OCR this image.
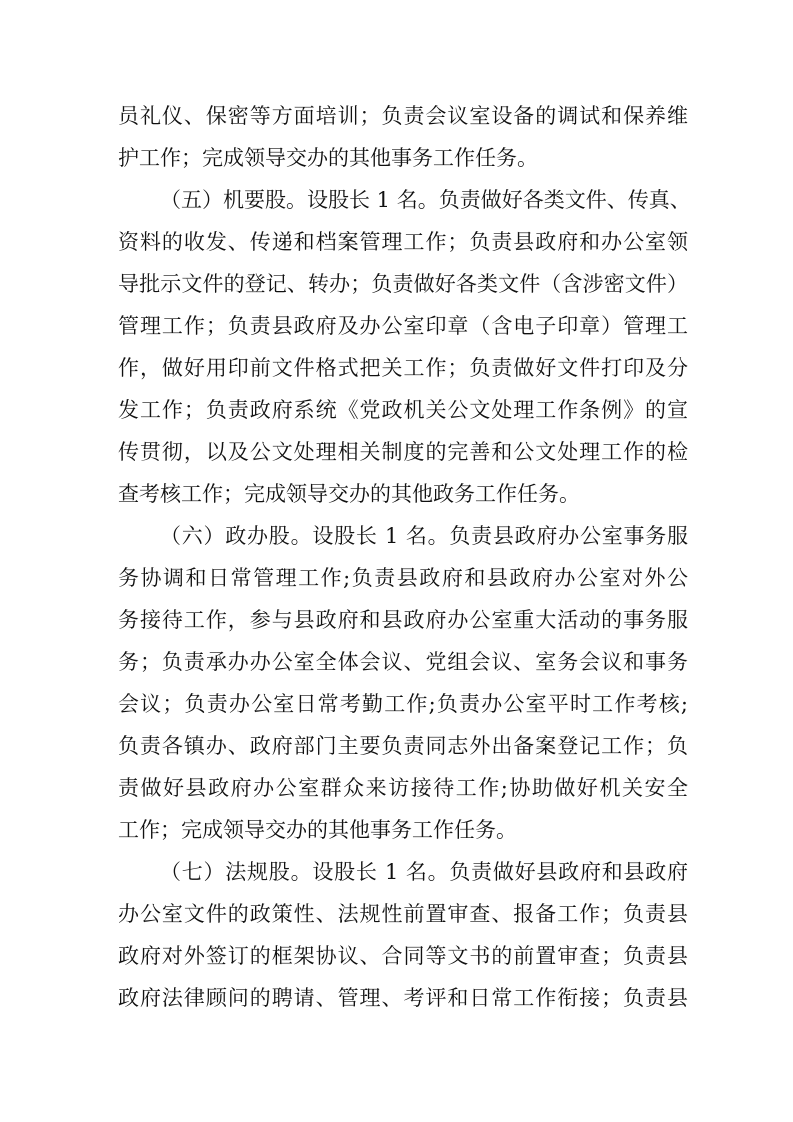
员礼仪、保密等方面培训；负责会议室设备的调试和保养维
护工作；完成领导交办的其他事务工作任务。
（五）机要股。设股长 1 名。负责做好各类文件、传真、
资料的收发、传递和档案管理工作；负责县政府和办公室领
导批示文件的登记、转办；负责做好各类文件（含涉密文件）
管理工作；负责县政府及办公室印章（含电子印章）管理工
作，做好用印前文件格式把关工作；负责做好文件打印及分
发工作；负责政府系统《党政机关公文处理工作条例》的宣
传贯彻，以及公文处理相关制度的完善和公文处理工作的检
查考核工作；完成领导交办的其他政务工作任务。
（六）政办股。设股长 1 名。负责县政府办公室事务服
务协调和日常管理工作;负责县政府和县政府办公室对外公
务接待工作，参与县政府和县政府办公室重大活动的事务服
务；负责承办办公室全体会议、党组会议、室务会议和事务
会议；负责办公室日常考勤工作;负责办公室平时工作考核;
负责各镇办、政府部门主要负责同志外出备案登记工作；负
责做好县政府办公室群众来访接待工作;协助做好机关安全
工作；完成领导交办的其他事务工作任务。
（七）法规股。设股长 1 名。负责做好县政府和县政府
办公室文件的政策性、法规性前置审查、报备工作；负责县
政府对外签订的框架协议、合同等文书的前置审查；负责县
政府法律顾问的聘请、管理、考评和日常工作衔接；负责县
